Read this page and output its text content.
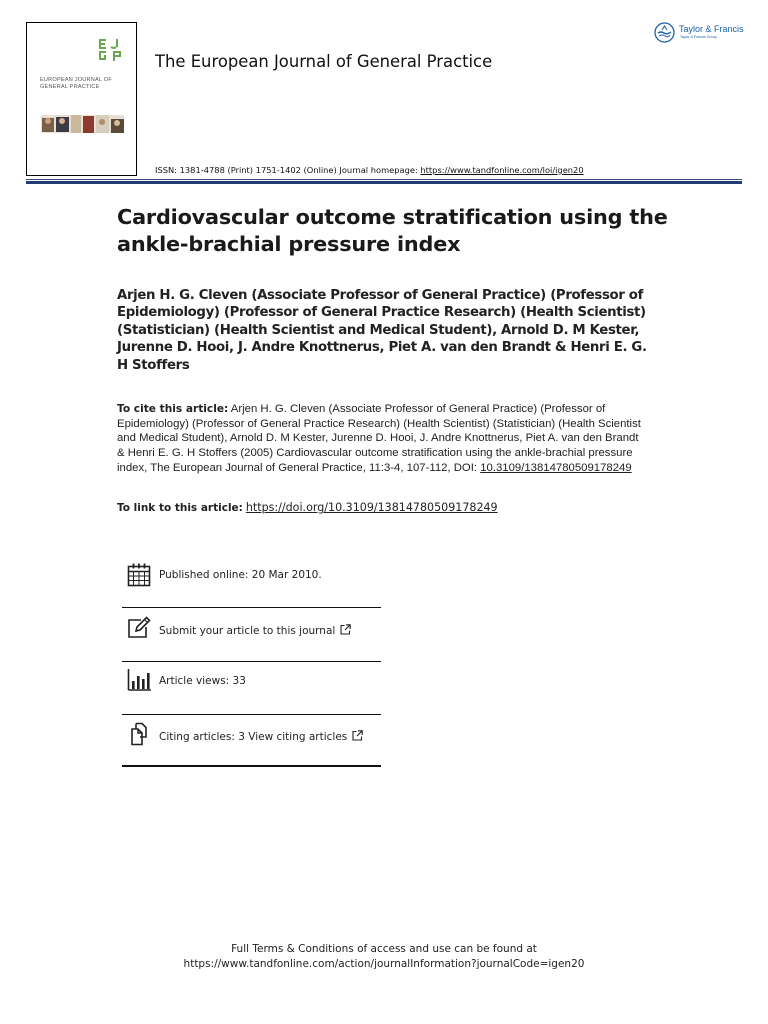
EUROPEAN JOURNAL OF GENERAL PRACTICE
The European Journal of General Practice
ISSN: 1381-4788 (Print) 1751-1402 (Online) Journal homepage: https://www.tandfonline.com/loi/igen20
Taylor & Francis
Taylor & Francis Group
Cardiovascular outcome stratification using the ankle-brachial pressure index
Arjen H. G. Cleven (Associate Professor of General Practice) (Professor of Epidemiology) (Professor of General Practice Research) (Health Scientist) (Statistician) (Health Scientist and Medical Student), Arnold D. M Kester, Jurenne D. Hooi, J. Andre Knottnerus, Piet A. van den Brandt & Henri E. G. H Stoffers
To cite this article: Arjen H. G. Cleven (Associate Professor of General Practice) (Professor of Epidemiology) (Professor of General Practice Research) (Health Scientist) (Statistician) (Health Scientist and Medical Student), Arnold D. M Kester, Jurenne D. Hooi, J. Andre Knottnerus, Piet A. van den Brandt & Henri E. G. H Stoffers (2005) Cardiovascular outcome stratification using the ankle-brachial pressure index, The European Journal of General Practice, 11:3-4, 107-112, DOI: 10.3109/13814780509178249
To link to this article: https://doi.org/10.3109/13814780509178249
Published online: 20 Mar 2010.
Submit your article to this journal
Article views: 33
Citing articles: 3 View citing articles
Full Terms & Conditions of access and use can be found at
https://www.tandfonline.com/action/journalInformation?journalCode=igen20
